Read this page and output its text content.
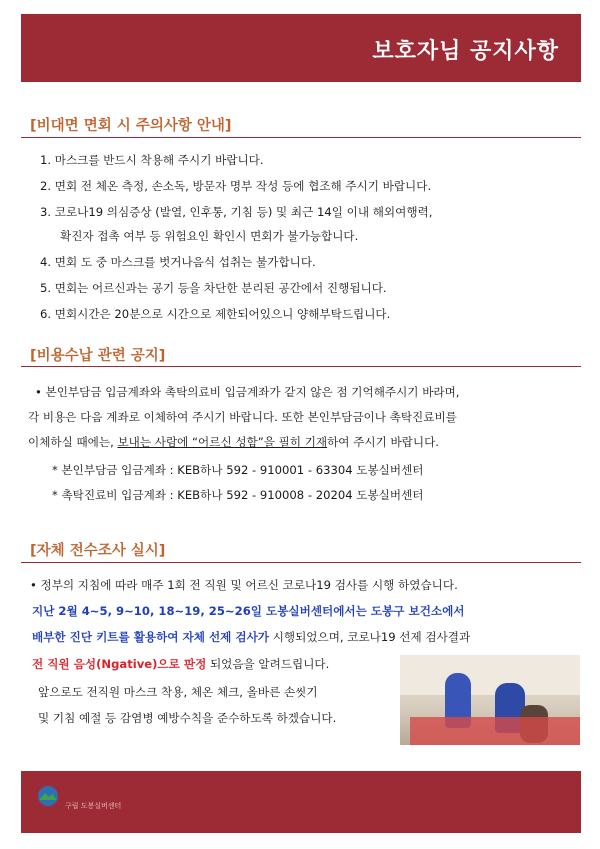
보호자님 공지사항
[비대면 면회 시 주의사항 안내]
1. 마스크를 반드시 착용해 주시기 바랍니다.
2. 면회 전 체온 측정, 손소독, 방문자 명부 작성 등에 협조해 주시기 바랍니다.
3. 코로나19 의심증상 (발열, 인후통, 기침 등) 및 최근 14일 이내 해외여행력,
확진자 접촉 여부 등 위험요인 확인시 면회가 불가능합니다.
4. 면회 도 중 마스크를 벗거나음식 섭취는 불가합니다.
5. 면회는 어르신과는 공기 등을 차단한 분리된 공간에서 진행됩니다.
6. 면회시간은 20분으로 시간으로 제한되어있으니 양해부탁드립니다.
[비용수납 관련 공지]
• 본인부담금 입금계좌와 촉탁의료비 입금계좌가 같지 않은 점 기억해주시기 바라며,
각 비용은 다음 계좌로 이체하여 주시기 바랍니다. 또한 본인부담금이나 촉탁진료비를
이체하실 때에는, 보내는 사람에 “어르신 성함”을 필히 기재하여 주시기 바랍니다.
* 본인부담금 입금계좌 : KEB하나 592 - 910001 - 63304 도봉실버센터
* 촉탁진료비 입금계좌 : KEB하나 592 - 910008 - 20204 도봉실버센터
[자체 전수조사 실시]
• 정부의 지침에 따라 매주 1회 전 직원 및 어르신 코로나19 검사를 시행 하였습니다.
지난 2월 4~5, 9~10, 18~19, 25~26일 도봉실버센터에서는 도봉구 보건소에서
배부한 진단 키트를 활용하여 자체 선제 검사가 시행되었으며, 코로나19 선제 검사결과
전 직원 음성(Ngative)으로 판정 되었음을 알려드립니다.
앞으로도 전직원 마스크 착용, 체온 체크, 올바른 손씻기
및 기침 예절 등 감염병 예방수칙을 준수하도록 하겠습니다.
구립 도봉실버센터
